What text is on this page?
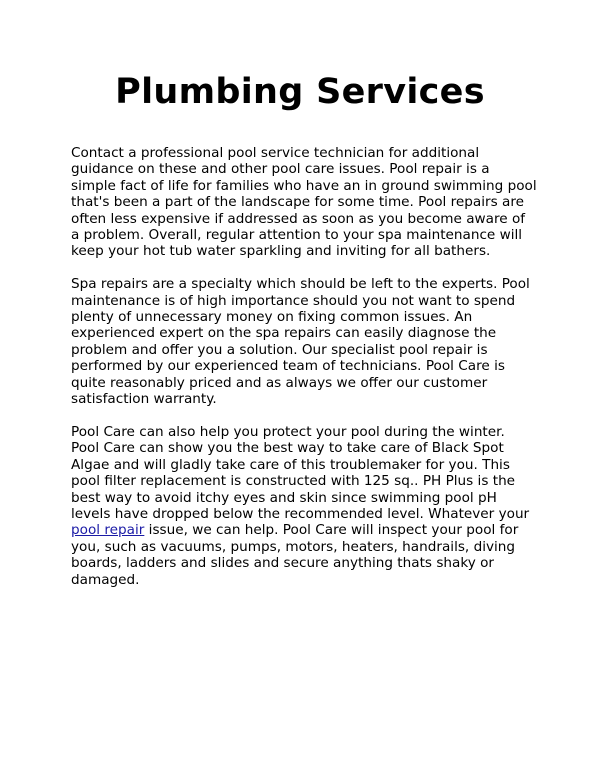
Plumbing Services

Contact a professional pool service technician for additional guidance on these and other pool care issues. Pool repair is a simple fact of life for families who have an in ground swimming pool that's been a part of the landscape for some time. Pool repairs are often less expensive if addressed as soon as you become aware of a problem. Overall, regular attention to your spa maintenance will keep your hot tub water sparkling and inviting for all bathers.

Spa repairs are a specialty which should be left to the experts. Pool maintenance is of high importance should you not want to spend plenty of unnecessary money on fixing common issues. An experienced expert on the spa repairs can easily diagnose the problem and offer you a solution. Our specialist pool repair is performed by our experienced team of technicians. Pool Care is quite reasonably priced and as always we offer our customer satisfaction warranty.

Pool Care can also help you protect your pool during the winter. Pool Care can show you the best way to take care of Black Spot Algae and will gladly take care of this troublemaker for you. This pool filter replacement is constructed with 125 sq.. PH Plus is the best way to avoid itchy eyes and skin since swimming pool pH levels have dropped below the recommended level. Whatever your pool repair issue, we can help. Pool Care will inspect your pool for you, such as vacuums, pumps, motors, heaters, handrails, diving boards, ladders and slides and secure anything thats shaky or damaged.
